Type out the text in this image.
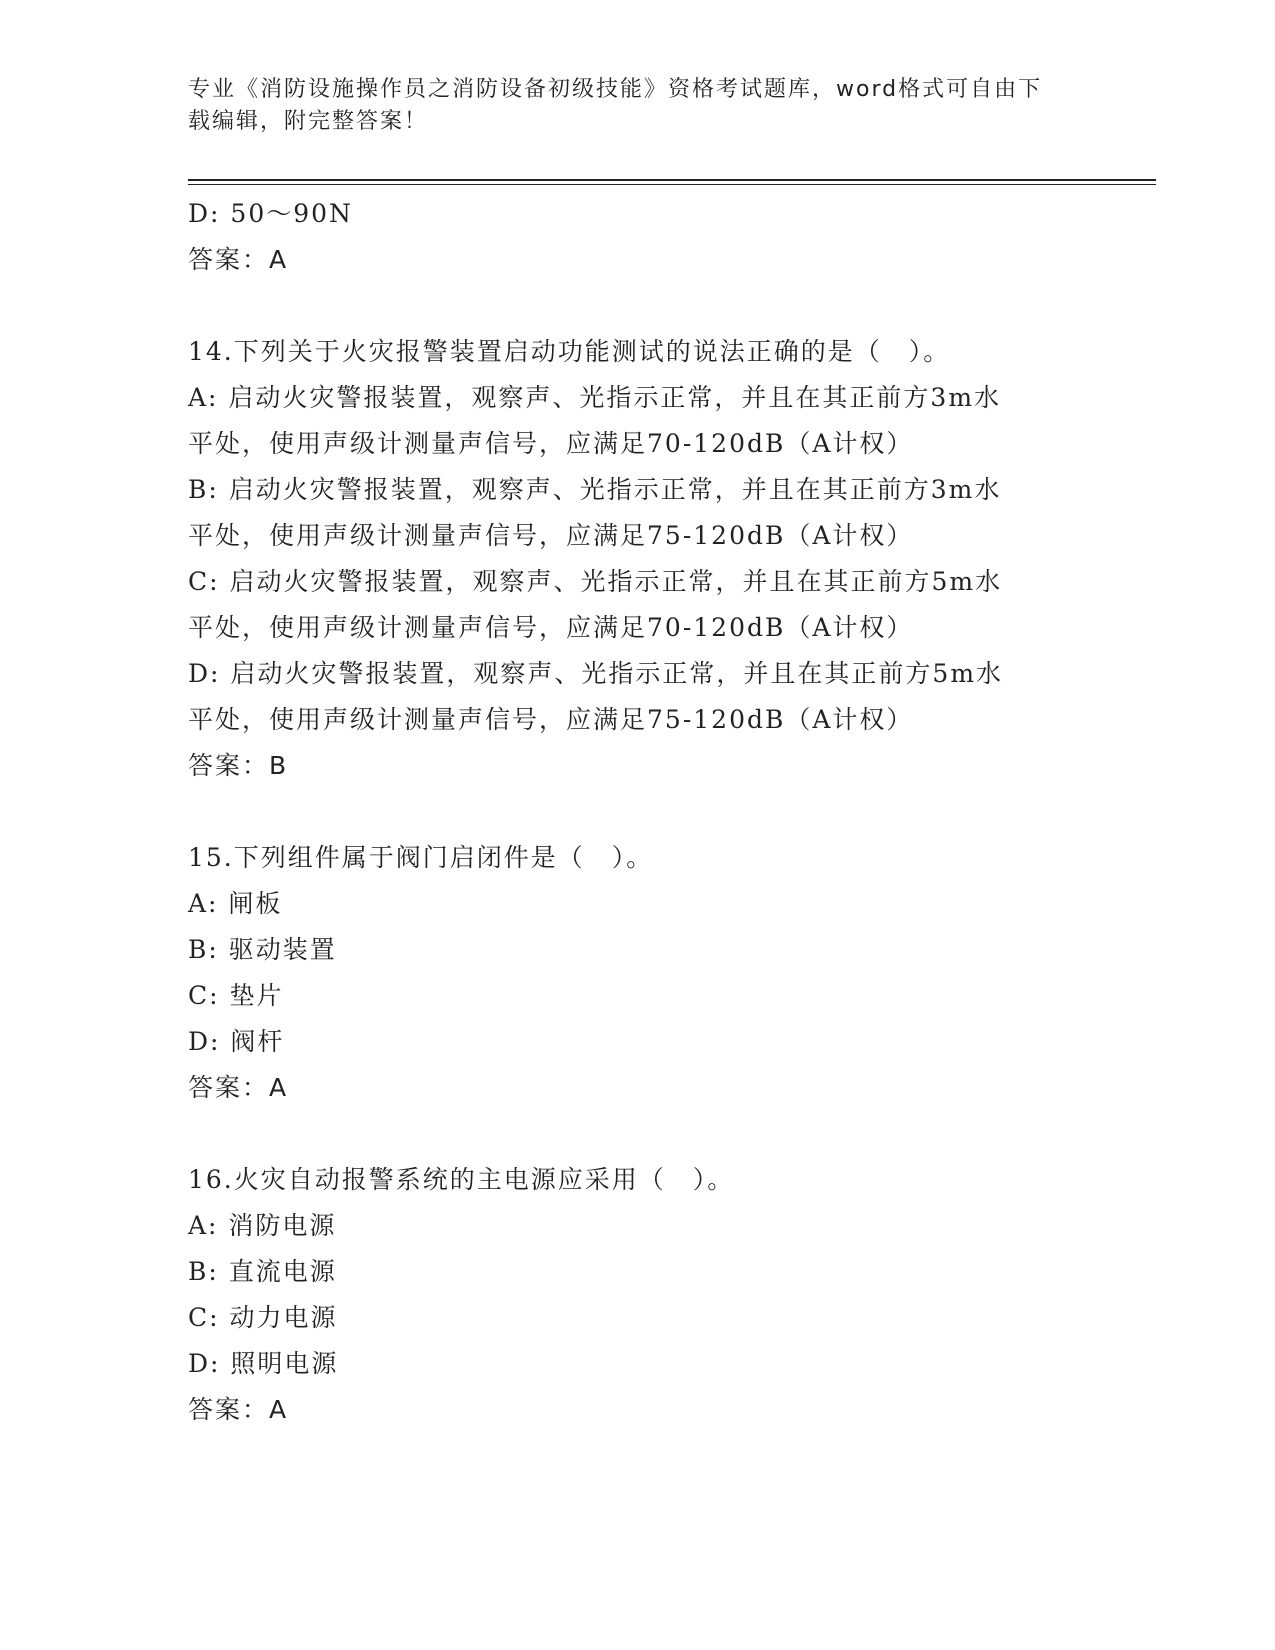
专业《消防设施操作员之消防设备初级技能》资格考试题库，word格式可自由下
载编辑，附完整答案！
D: 50～90N
答案：A
14.下列关于火灾报警装置启动功能测试的说法正确的是（　）。
A: 启动火灾警报装置，观察声、光指示正常，并且在其正前方3m水
平处，使用声级计测量声信号，应满足70-120dB（A计权）
B: 启动火灾警报装置，观察声、光指示正常，并且在其正前方3m水
平处，使用声级计测量声信号，应满足75-120dB（A计权）
C: 启动火灾警报装置，观察声、光指示正常，并且在其正前方5m水
平处，使用声级计测量声信号，应满足70-120dB（A计权）
D: 启动火灾警报装置，观察声、光指示正常，并且在其正前方5m水
平处，使用声级计测量声信号，应满足75-120dB（A计权）
答案：B
15.下列组件属于阀门启闭件是（　）。
A: 闸板
B: 驱动装置
C: 垫片
D: 阀杆
答案：A
16.火灾自动报警系统的主电源应采用（　）。
A: 消防电源
B: 直流电源
C: 动力电源
D: 照明电源
答案：A
